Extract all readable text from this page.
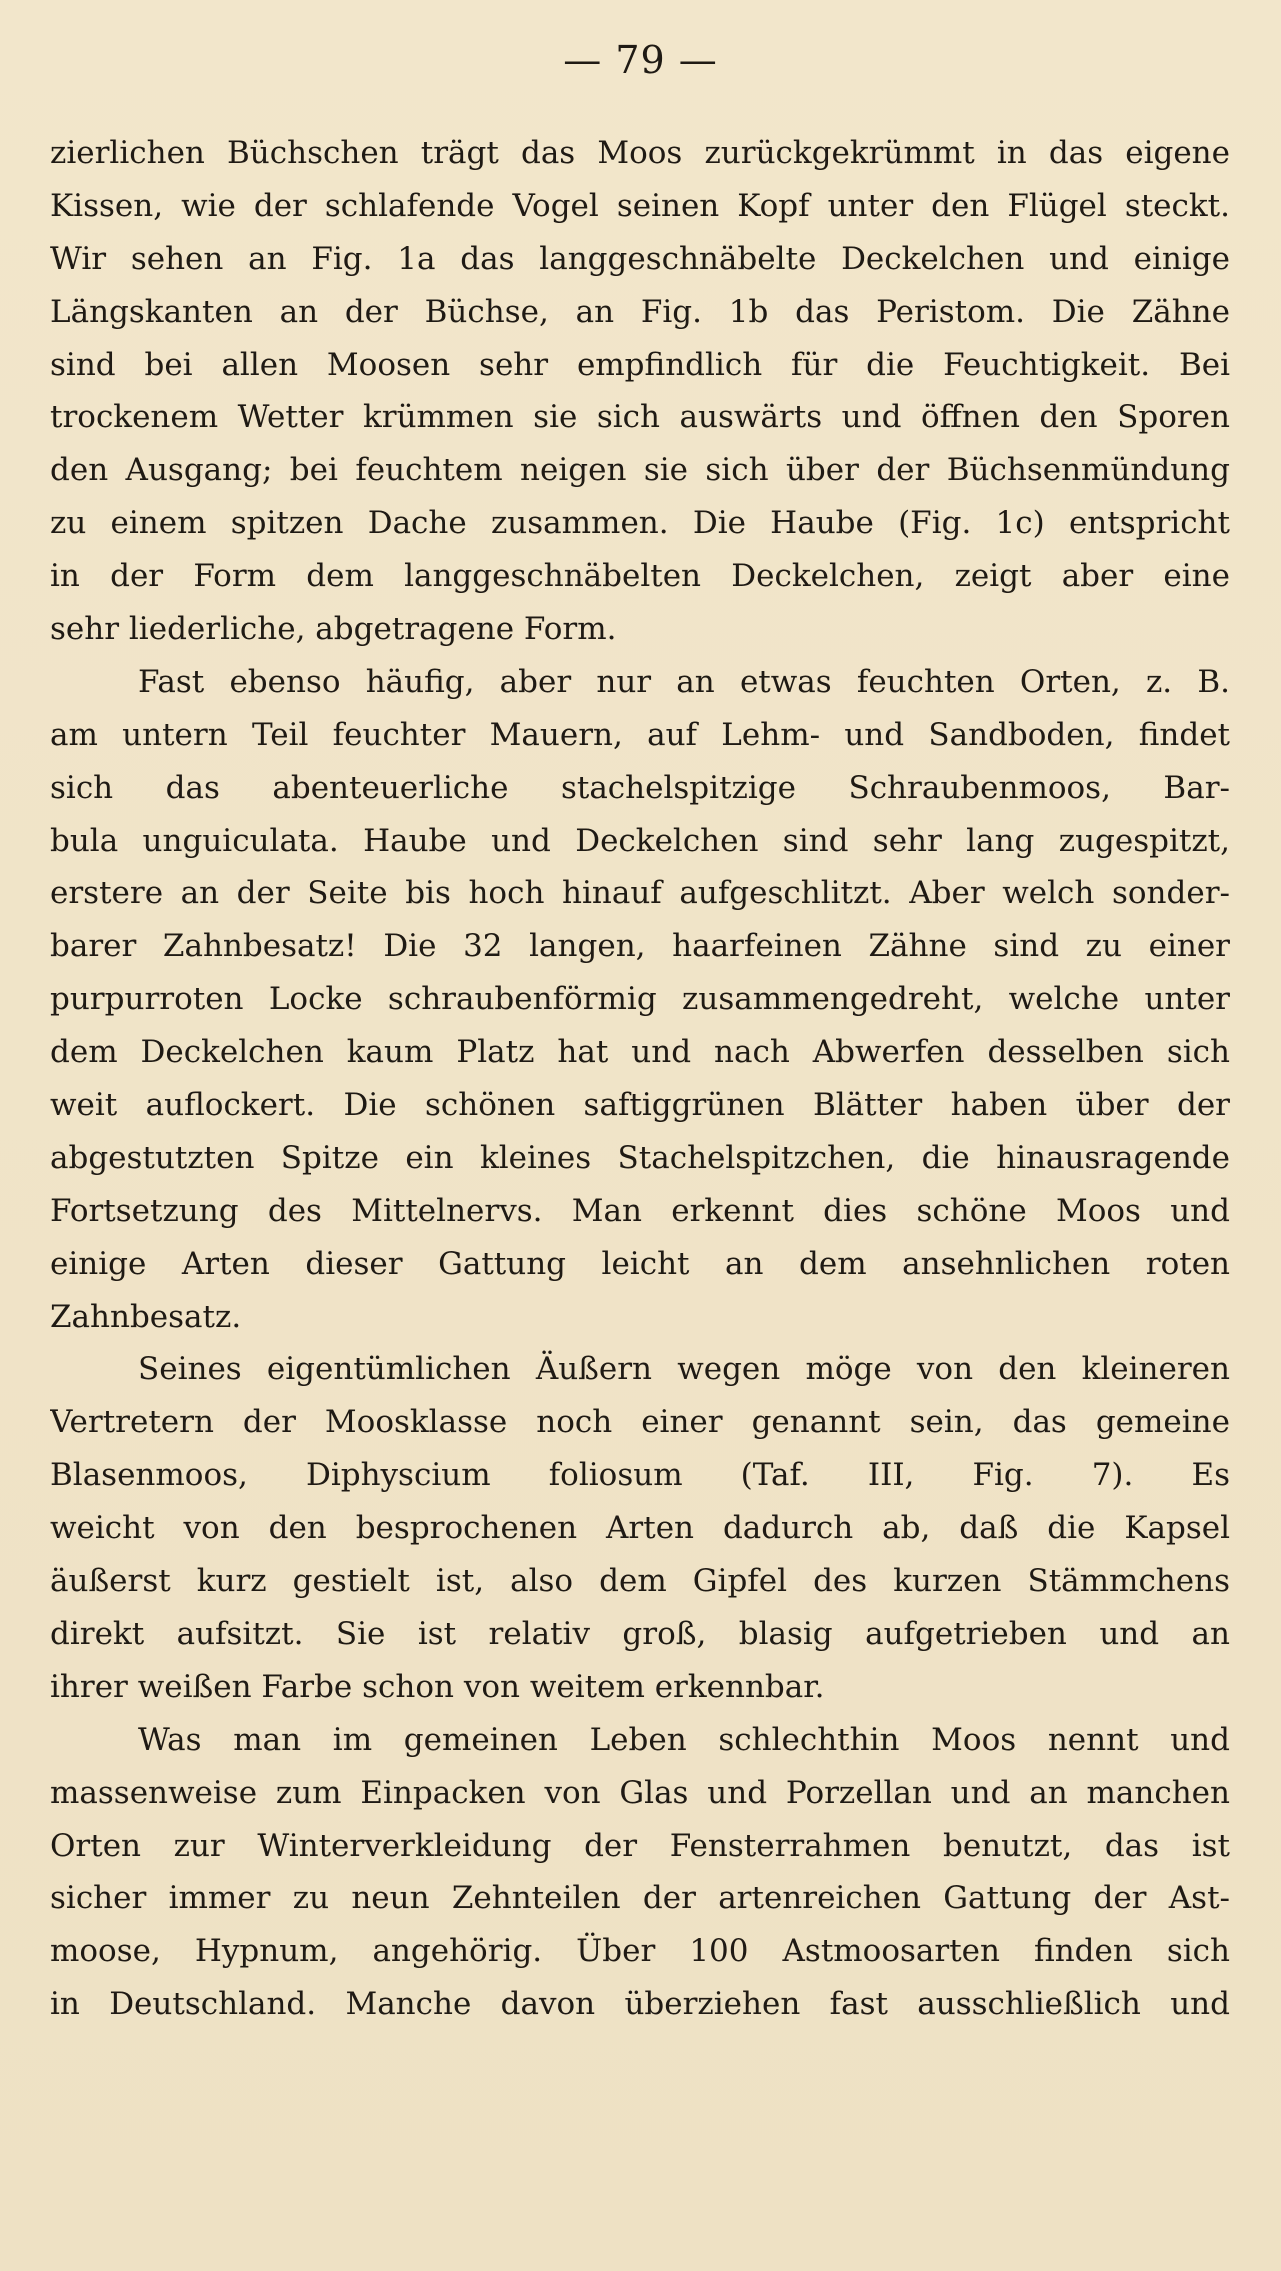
— 79 —
zierlichen Büchschen trägt das Moos zurückgekrümmt in das eigene
Kissen, wie der schlafende Vogel seinen Kopf unter den Flügel steckt.
Wir sehen an Fig. 1a das langgeschnäbelte Deckelchen und einige
Längskanten an der Büchse, an Fig. 1b das Peristom. Die Zähne
sind bei allen Moosen sehr empfindlich für die Feuchtigkeit. Bei
trockenem Wetter krümmen sie sich auswärts und öffnen den Sporen
den Ausgang; bei feuchtem neigen sie sich über der Büchsenmündung
zu einem spitzen Dache zusammen. Die Haube (Fig. 1c) entspricht
in der Form dem langgeschnäbelten Deckelchen, zeigt aber eine
sehr liederliche, abgetragene Form.
Fast ebenso häufig, aber nur an etwas feuchten Orten, z. B.
am untern Teil feuchter Mauern, auf Lehm- und Sandboden, findet
sich das abenteuerliche stachelspitzige Schraubenmoos, Bar-
bula unguiculata. Haube und Deckelchen sind sehr lang zugespitzt,
erstere an der Seite bis hoch hinauf aufgeschlitzt. Aber welch sonder-
barer Zahnbesatz! Die 32 langen, haarfeinen Zähne sind zu einer
purpurroten Locke schraubenförmig zusammengedreht, welche unter
dem Deckelchen kaum Platz hat und nach Abwerfen desselben sich
weit auflockert. Die schönen saftiggrünen Blätter haben über der
abgestutzten Spitze ein kleines Stachelspitzchen, die hinausragende
Fortsetzung des Mittelnervs. Man erkennt dies schöne Moos und
einige Arten dieser Gattung leicht an dem ansehnlichen roten
Zahnbesatz.
Seines eigentümlichen Äußern wegen möge von den kleineren
Vertretern der Moosklasse noch einer genannt sein, das gemeine
Blasenmoos, Diphyscium foliosum (Taf. III, Fig. 7). Es
weicht von den besprochenen Arten dadurch ab, daß die Kapsel
äußerst kurz gestielt ist, also dem Gipfel des kurzen Stämmchens
direkt aufsitzt. Sie ist relativ groß, blasig aufgetrieben und an
ihrer weißen Farbe schon von weitem erkennbar.
Was man im gemeinen Leben schlechthin Moos nennt und
massenweise zum Einpacken von Glas und Porzellan und an manchen
Orten zur Winterverkleidung der Fensterrahmen benutzt, das ist
sicher immer zu neun Zehnteilen der artenreichen Gattung der Ast-
moose, Hypnum, angehörig. Über 100 Astmoosarten finden sich
in Deutschland. Manche davon überziehen fast ausschließlich und
